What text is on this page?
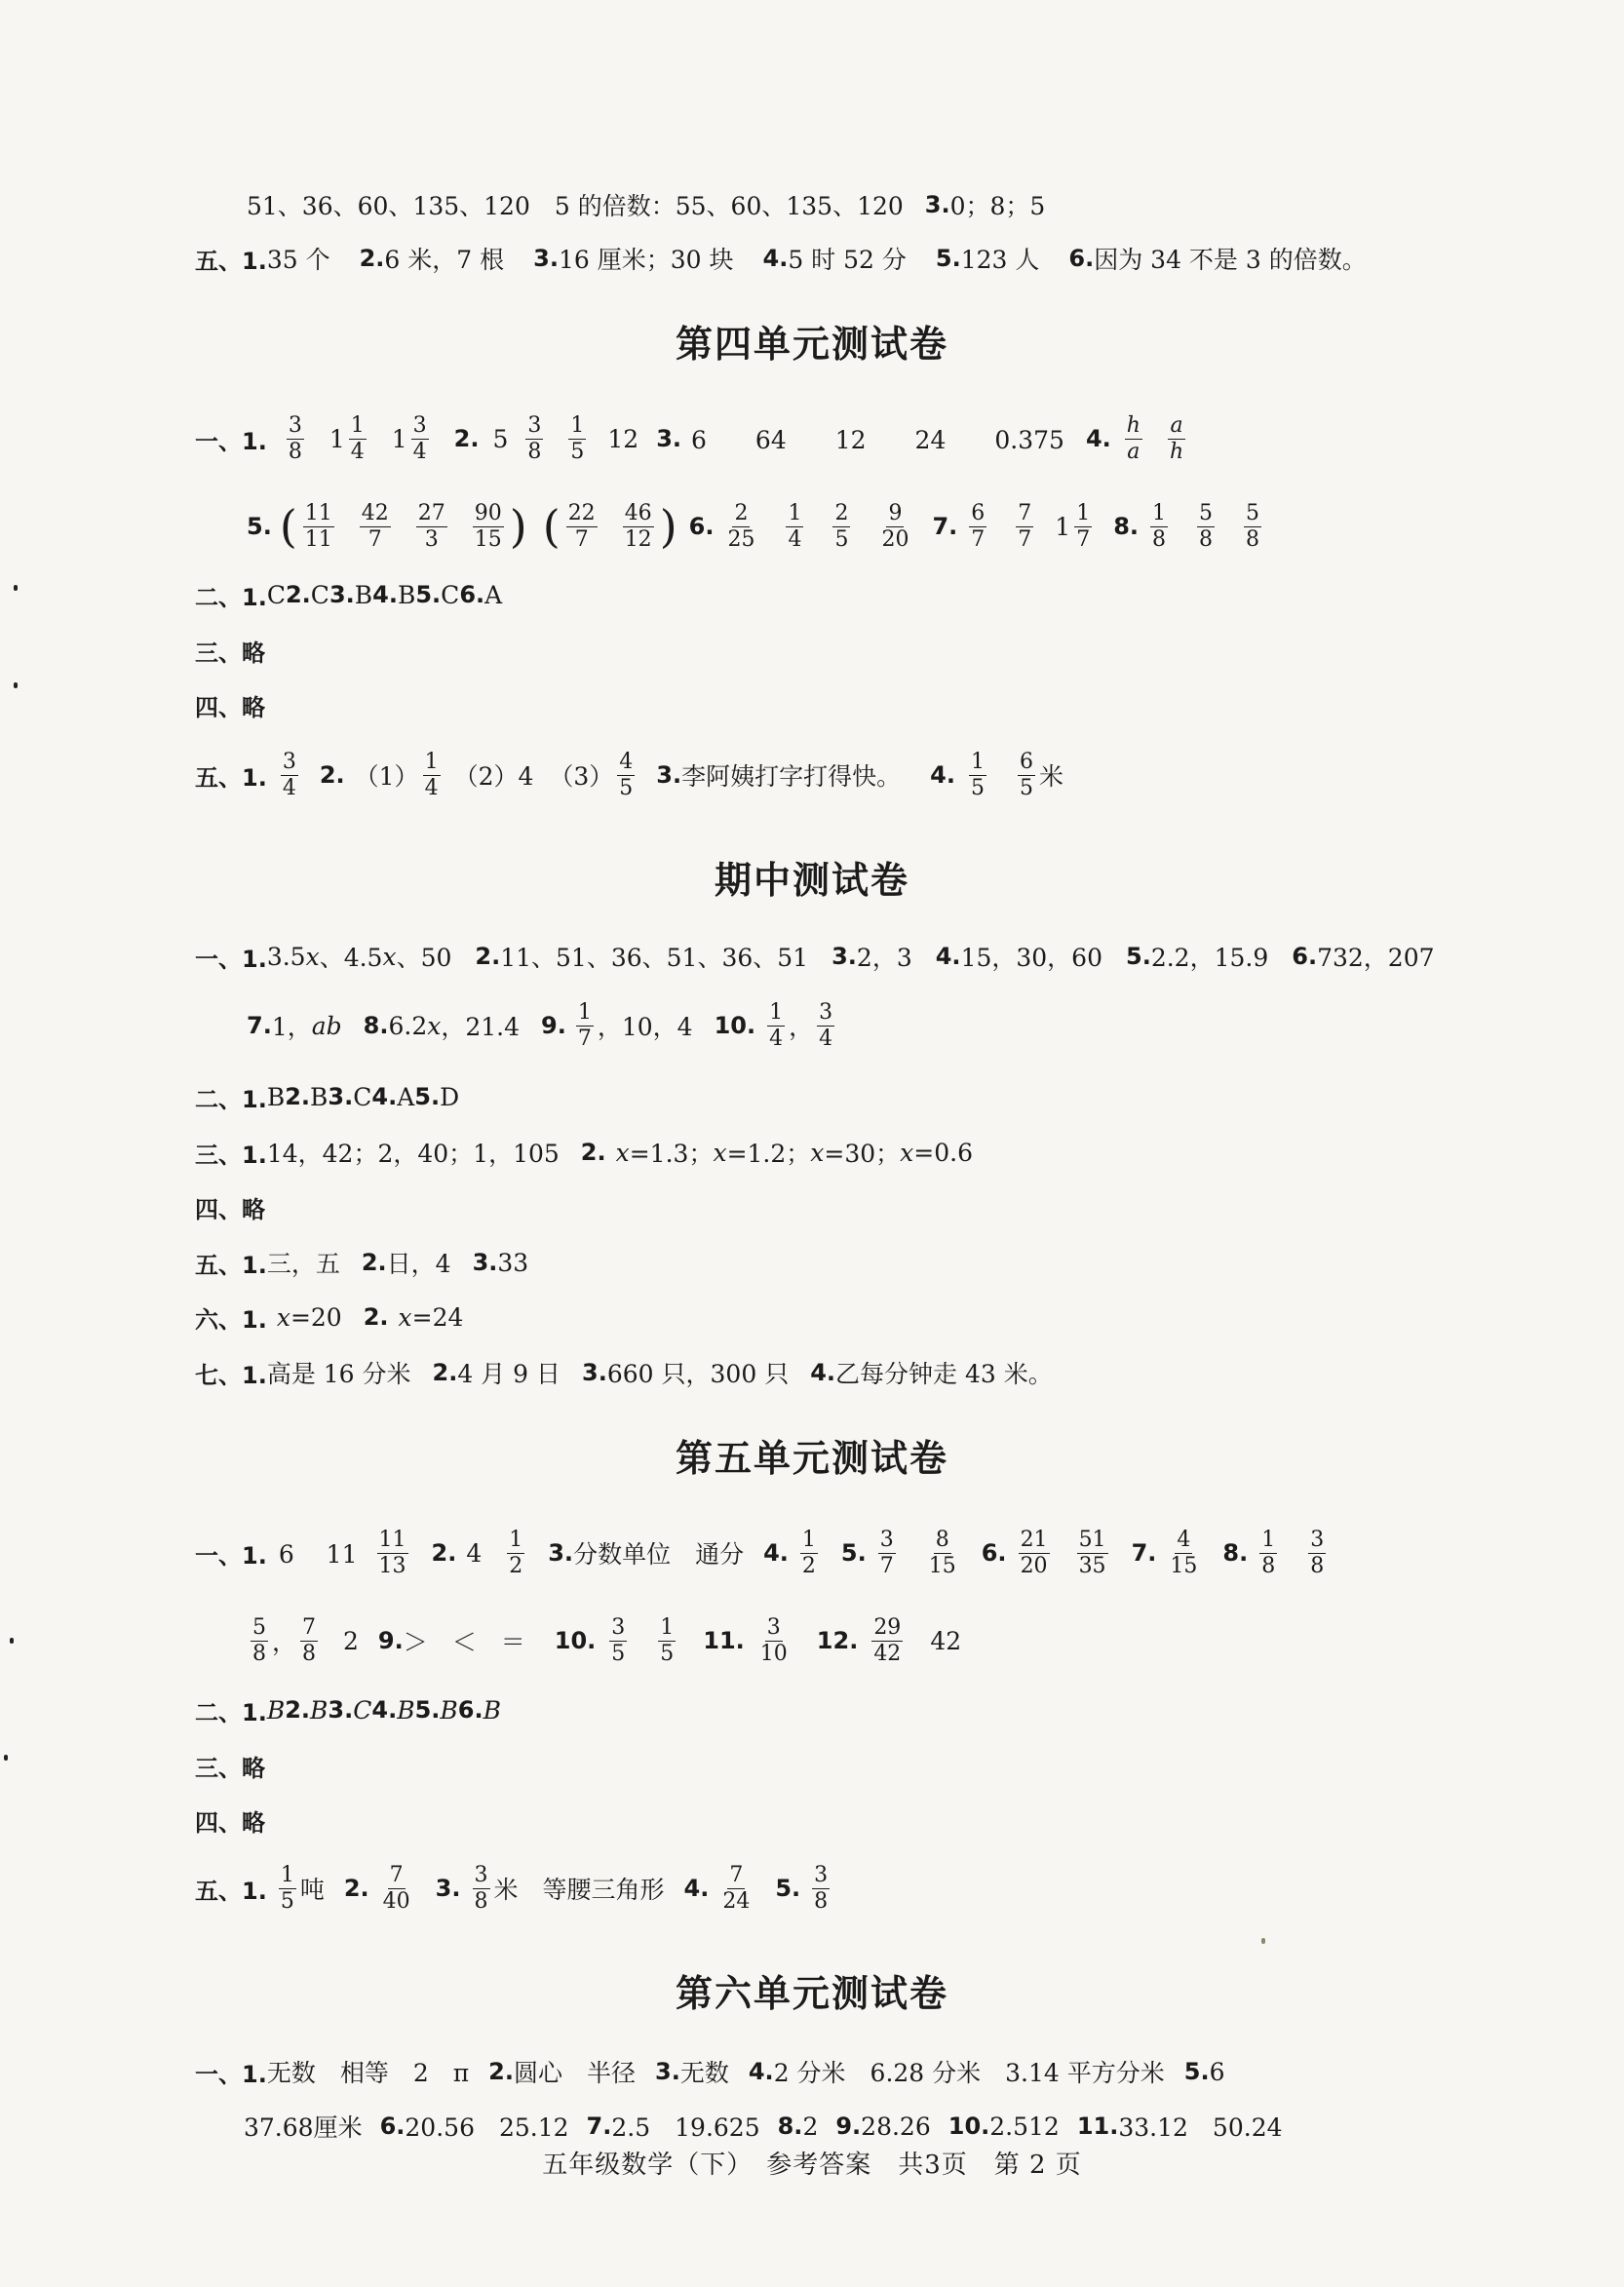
51、36、60、135、120　5 的倍数：55、60、135、120 3. 0；8；5
五、1. 35 个 2. 6 米，7 根 3. 16 厘米；30 块 4. 5 时 52 分 5. 123 人 6. 因为 34 不是 3 的倍数。
第四单元测试卷
一、1. $\frac{3}{8} 1 \frac{1}{4} 1 \frac{3}{4} 2$. $5 \frac{3}{8} \frac{1}{5} 12$ 3. 6　　64　　12　　24　　0.375 4. $\frac{h}{a} \frac{a}{h}$
5. ( $\frac{11}{11} \frac{42}{7} \frac{27}{3} \frac{90}{15}$ ) ( $\frac{22}{7} \frac{46}{12}$ ) 6. $\frac{2}{25} \frac{1}{4} \frac{2}{5} \frac{9}{20} 7$. $\frac{6}{7} \frac{7}{7} 1 \frac{1}{7} 8$. $\frac{1}{8} \frac{5}{8} \frac{5}{8}$
二、1. C 2. C 3. B 4. B 5. C 6. A
三、略
四、略
五、1. $\frac{3}{4} 2$. $(1) \frac{1}{4} (2)4$ $(3) \frac{4}{5} 3$. 李阿姨打字打得快。 4. $\frac{1}{5} \frac{6}{5}$ 米
期中测试卷
一、1. 3.5 x 、4.5 x 、50 2. 11、51、36、51、36、51 3. 2，3 4. 15，30，60 5. 2.2，15.9 6. 732，207
7. 1， ab 8. 6.2 x ，21.4 9. $\frac{1}{7}$ ，10，4 10. $\frac{1}{4}$ ， $\frac{3}{4}$
二、1. B 2. B 3. C 4. A 5. D
三、1. 14，42；2，40；1，105 2. x =1.3； x =1.2； x =30； x =0.6
四、略
五、1. 三，五 2. 日，4 3. 33
六、1. x =20 2. x =24
七、1. 高是 16 分米 2. 4 月 9 日 3. 660 只，300 只 4. 乙每分钟走 43 米。
第五单元测试卷
一、1. 6　 $11 \frac{11}{13} 2$. $4 \frac{1}{2} 3$. 分数单位　通分 4. $\frac{1}{2} 5$. $\frac{3}{7} \frac{8}{15} 6$. $\frac{21}{20} \frac{51}{35} 7$. $\frac{4}{15} 8$. $\frac{1}{8} \frac{3}{8}$
$\frac{5}{8}$ ， $\frac{7}{8} 2$ 9. ＞　＜　＝ 10. $\frac{3}{5} \frac{1}{5} 11$. $\frac{3}{10} 12$. $\frac{29}{42} 42$
二、1. B 2. B 3. C 4. B 5. B 6. B
三、略
四、略
五、1. $\frac{1}{5}$ 吨 2. $\frac{7}{40} 3$. $\frac{3}{8}$ 米　等腰三角形 4. $\frac{7}{24} 5$. $\frac{3}{8}$
第六单元测试卷
一、1. 无数　相等　2　π 2. 圆心　半径 3. 无数 4. 2 分米　6.28 分米　3.14 平方分米 5. 6
37.68厘米 6. 20.56　25.12 7. 2.5　19.625 8. 2 9. 28.26 10. 2.512 11. 33.12　50.24
五年级数学（下）　参考答案　共3页　第 2 页
